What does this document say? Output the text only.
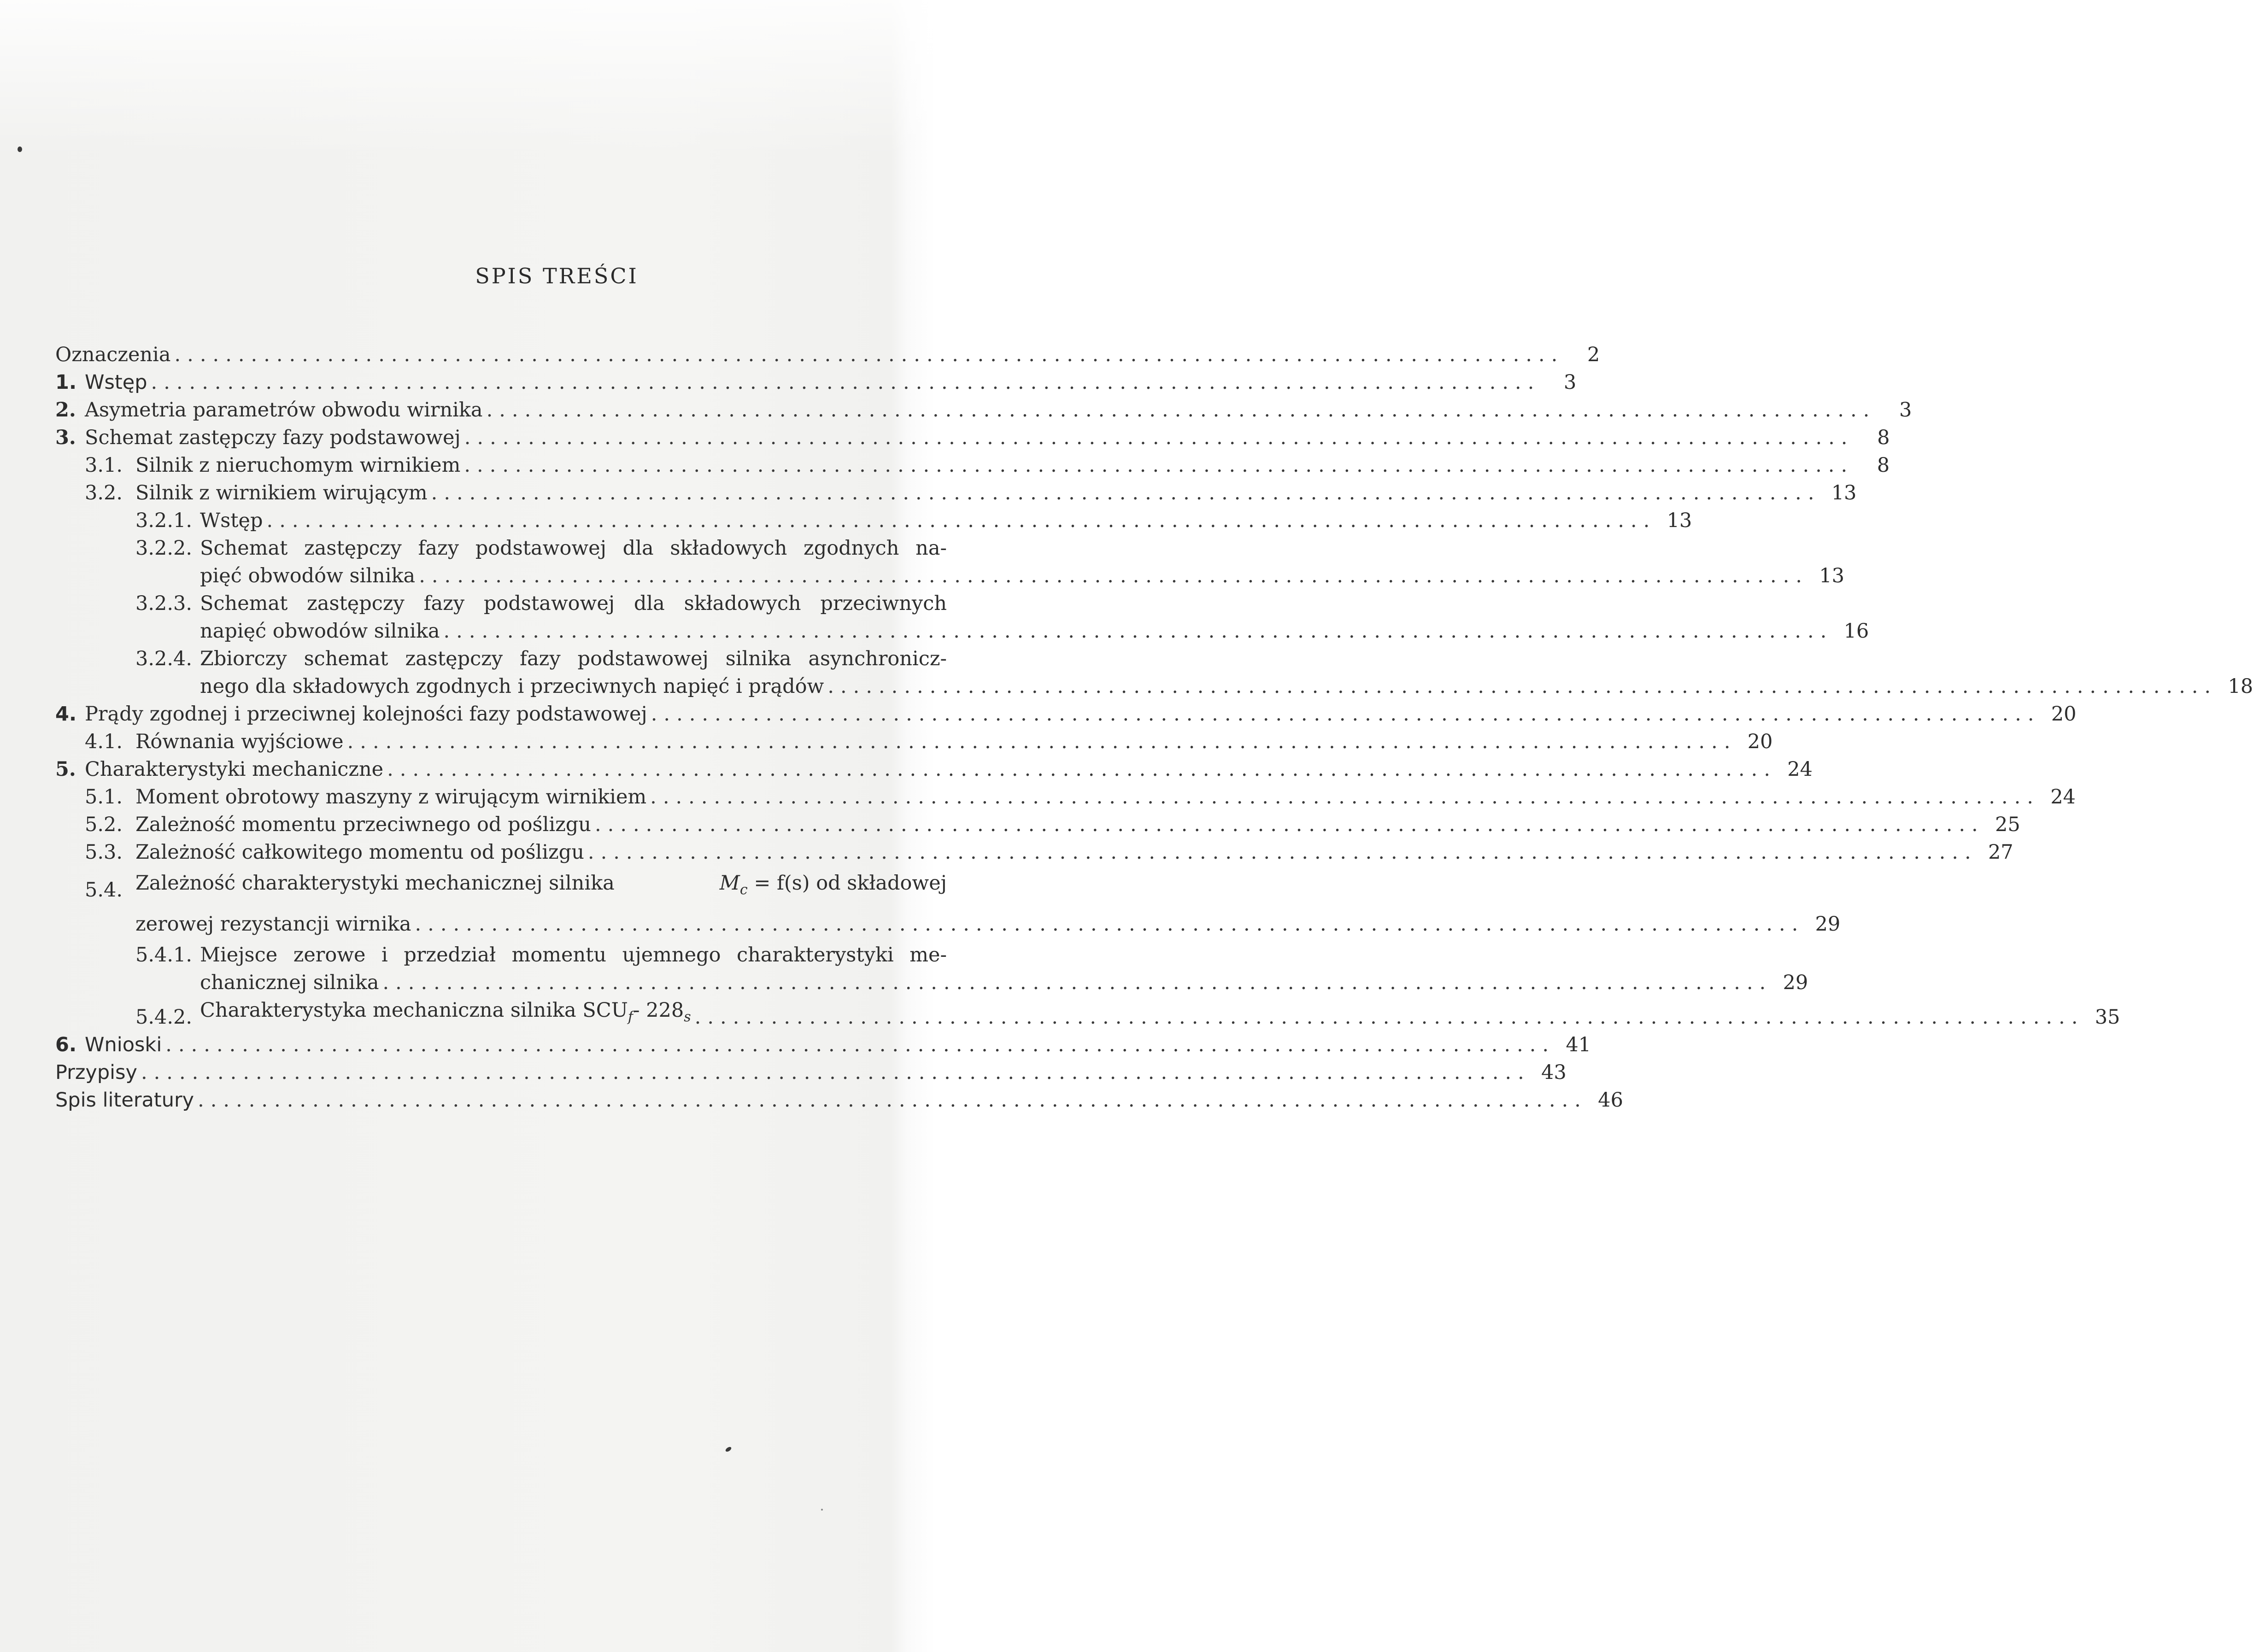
SPIS TREŚCI
Oznaczenia .............................................................................................................	2
1. Wstęp .............................................................................................................	3
2. Asymetria parametrów obwodu wirnika .............................................................................................................	3
3. Schemat zastępczy fazy podstawowej .............................................................................................................	8
3.1. Silnik z nieruchomym wirnikiem .............................................................................................................	8
3.2. Silnik z wirnikiem wirującym ............................................................................................................. 13
3.2.1. Wstęp ............................................................................................................. 13
3.2.2. Schemat zastępczy fazy podstawowej dla składowych zgodnych na-
pięć obwodów silnika ............................................................................................................. 13
3.2.3. Schemat zastępczy fazy podstawowej dla składowych przeciwnych
napięć obwodów silnika ............................................................................................................. 16
3.2.4. Zbiorczy schemat zastępczy fazy podstawowej silnika asynchronicz-
nego dla składowych zgodnych i przeciwnych napięć i prądów ............................................................................................................. 18
4. Prądy zgodnej i przeciwnej kolejności fazy podstawowej ............................................................................................................. 20
4.1. Równania wyjściowe ............................................................................................................. 20
5. Charakterystyki mechaniczne ............................................................................................................. 24
5.1. Moment obrotowy maszyny z wirującym wirnikiem ............................................................................................................. 24
5.2. Zależność momentu przeciwnego od poślizgu ............................................................................................................. 25
5.3. Zależność całkowitego momentu od poślizgu ............................................................................................................. 27
5.4. Zależność charakterystyki mechanicznej silnika	$M_c = f(s)$ od składowej
zerowej rezystancji wirnika ............................................................................................................. 29
5.4.1. Miejsce zerowe i przedział momentu ujemnego charakterystyki me-
chanicznej silnika ............................................................................................................. 29
5.4.2. Charakterystyka mechaniczna silnika $SCU_f-$ $228_s$ ............................................................................................................. 35
6. Wnioski ............................................................................................................. 41
Przypisy ............................................................................................................. 43
Spis literatury ............................................................................................................. 46
